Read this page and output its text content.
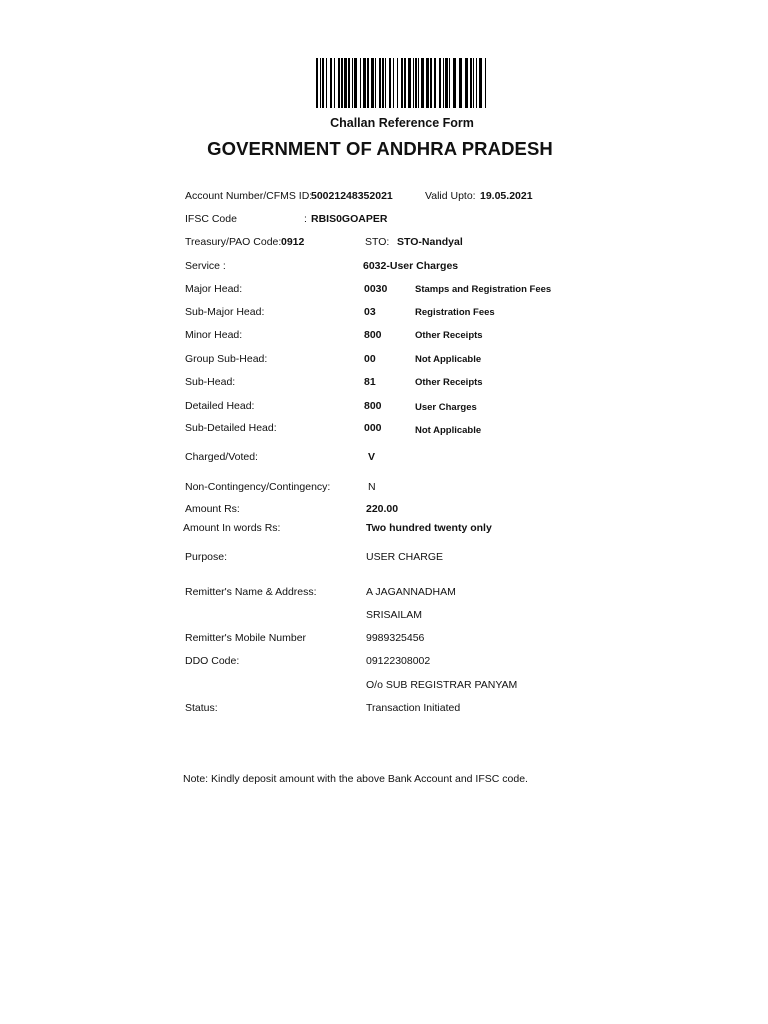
Challan Reference Form
GOVERNMENT OF ANDHRA PRADESH
Account Number/CFMS ID:
50021248352021	Valid Upto: 19.05.2021
IFSC Code	: RBIS0GOAPER
Treasury/PAO Code: 0912	STO: STO-Nandyal
Service :	6032-User Charges
Major Head:	0030	Stamps and Registration Fees
Sub-Major Head:	03	Registration Fees
Minor Head:	800	Other Receipts
Group Sub-Head:	00	Not Applicable
Sub-Head:	81	Other Receipts
Detailed Head:	800	User Charges
Sub-Detailed Head:	000	Not Applicable
Charged/Voted:	V
Non-Contingency/Contingency:	N
Amount Rs:	220.00
Amount In words Rs:	Two hundred twenty only
Purpose:	USER CHARGE
Remitter's Name & Address:	A JAGANNADHAM
SRISAILAM
Remitter's Mobile Number	9989325456
DDO Code:	09122308002
O/o SUB REGISTRAR PANYAM
Status:	Transaction Initiated
Note: Kindly deposit amount with the above Bank Account and IFSC code.
